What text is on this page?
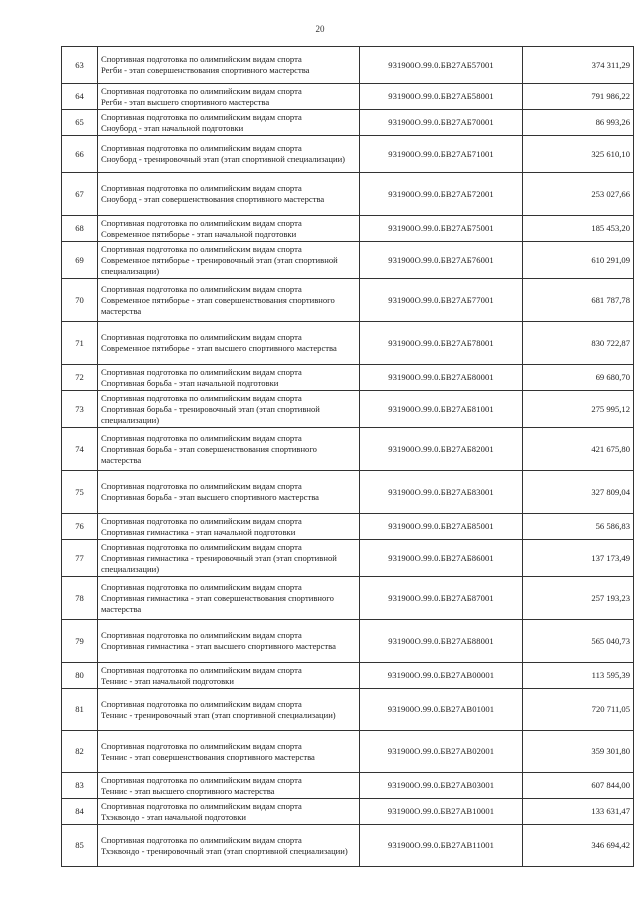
20
63	Спортивная подготовка по олимпийским видам спорта
Регби - этап совершенствования спортивного мастерства	931900О.99.0.БВ27АБ57001	374 311,29
64	Спортивная подготовка по олимпийским видам спорта
Регби - этап высшего спортивного мастерства	931900О.99.0.БВ27АБ58001	791 986,22
65	Спортивная подготовка по олимпийским видам спорта
Сноуборд - этап начальной подготовки	931900О.99.0.БВ27АБ70001	86 993,26
66	Спортивная подготовка по олимпийским видам спорта
Сноуборд - тренировочный этап (этап спортивной специализации)	931900О.99.0.БВ27АБ71001	325 610,10
67	Спортивная подготовка по олимпийским видам спорта
Сноуборд - этап совершенствования спортивного мастерства	931900О.99.0.БВ27АБ72001	253 027,66
68	Спортивная подготовка по олимпийским видам спорта
Современное пятиборье - этап начальной подготовки	931900О.99.0.БВ27АБ75001	185 453,20
69	Спортивная подготовка по олимпийским видам спорта
Современное пятиборье - тренировочный этап (этап спортивной специализации)	931900О.99.0.БВ27АБ76001	610 291,09
70	Спортивная подготовка по олимпийским видам спорта
Современное пятиборье - этап совершенствования спортивного мастерства	931900О.99.0.БВ27АБ77001	681 787,78
71	Спортивная подготовка по олимпийским видам спорта
Современное пятиборье - этап высшего спортивного мастерства	931900О.99.0.БВ27АБ78001	830 722,87
72	Спортивная подготовка по олимпийским видам спорта
Спортивная борьба - этап начальной подготовки	931900О.99.0.БВ27АБ80001	69 680,70
73	Спортивная подготовка по олимпийским видам спорта
Спортивная борьба - тренировочный этап (этап спортивной специализации)	931900О.99.0.БВ27АБ81001	275 995,12
74	Спортивная подготовка по олимпийским видам спорта
Спортивная борьба - этап совершенствования спортивного мастерства	931900О.99.0.БВ27АБ82001	421 675,80
75	Спортивная подготовка по олимпийским видам спорта
Спортивная борьба - этап высшего спортивного мастерства	931900О.99.0.БВ27АБ83001	327 809,04
76	Спортивная подготовка по олимпийским видам спорта
Спортивная гимнастика - этап начальной подготовки	931900О.99.0.БВ27АБ85001	56 586,83
77	Спортивная подготовка по олимпийским видам спорта
Спортивная гимнастика - тренировочный этап (этап спортивной специализации)	931900О.99.0.БВ27АБ86001	137 173,49
78	Спортивная подготовка по олимпийским видам спорта
Спортивная гимнастика - этап совершенствования спортивного мастерства	931900О.99.0.БВ27АБ87001	257 193,23
79	Спортивная подготовка по олимпийским видам спорта
Спортивная гимнастика - этап высшего спортивного мастерства	931900О.99.0.БВ27АБ88001	565 040,73
80	Спортивная подготовка по олимпийским видам спорта
Теннис - этап начальной подготовки	931900О.99.0.БВ27АВ00001	113 595,39
81	Спортивная подготовка по олимпийским видам спорта
Теннис - тренировочный этап (этап спортивной специализации)	931900О.99.0.БВ27АВ01001	720 711,05
82	Спортивная подготовка по олимпийским видам спорта
Теннис - этап совершенствования спортивного мастерства	931900О.99.0.БВ27АВ02001	359 301,80
83	Спортивная подготовка по олимпийским видам спорта
Теннис - этап высшего спортивного мастерства	931900О.99.0.БВ27АВ03001	607 844,00
84	Спортивная подготовка по олимпийским видам спорта
Тхэквондо - этап начальной подготовки	931900О.99.0.БВ27АВ10001	133 631,47
85	Спортивная подготовка по олимпийским видам спорта
Тхэквондо - тренировочный этап (этап спортивной специализации)	931900О.99.0.БВ27АВ11001	346 694,42
